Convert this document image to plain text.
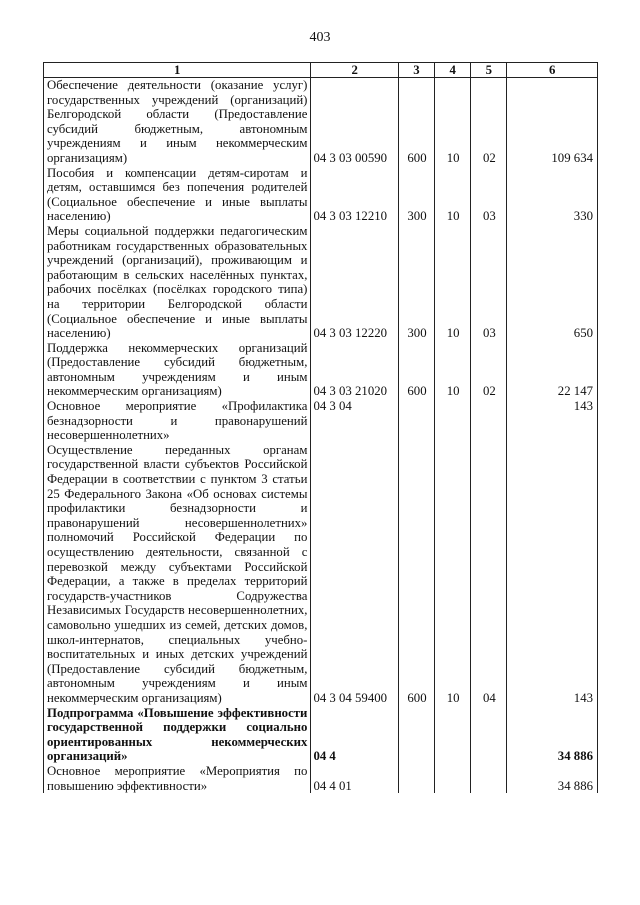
403
1	2	3	4	5	6
Обеспечение деятельности (оказание услуг) государственных учреждений (организаций) Белгородской области (Предоставление субсидий бюджетным, автономным учреждениям и иным некоммерческим организациям)	04 3 03 00590	600	10	02	109 634
Пособия и компенсации детям-сиротам и детям, оставшимся без попечения родителей (Социальное обеспечение и иные выплаты населению)	04 3 03 12210	300	10	03	330
Меры социальной поддержки педагогическим работникам государственных образовательных учреждений (организаций), проживающим и работающим в сельских населённых пунктах, рабочих посёлках (посёлках городского типа) на территории Белгородской области (Социальное обеспечение и иные выплаты населению)	04 3 03 12220	300	10	03	650
Поддержка некоммерческих организаций (Предоставление субсидий бюджетным, автономным учреждениям и иным некоммерческим организациям)	04 3 03 21020	600	10	02	22 147
Основное мероприятие «Профилактика безнадзорности и правонарушений несовершеннолетних»	04 3 04				143
Осуществление переданных органам государственной власти субъектов Российской Федерации в соответствии с пунктом 3 статьи 25 Федерального Закона «Об основах системы профилактики безнадзорности и правонарушений несовершеннолетних» полномочий Российской Федерации по осуществлению деятельности, связанной с перевозкой между субъектами Российской Федерации, а также в пределах территорий государств-участников Содружества Независимых Государств несовершеннолетних, самовольно ушедших из семей, детских домов, школ-интернатов, специальных учебно-воспитательных и иных детских учреждений (Предоставление субсидий бюджетным, автономным учреждениям и иным некоммерческим организациям)	04 3 04 59400	600	10	04	143
Подпрограмма «Повышение эффективности государственной поддержки социально ориентированных некоммерческих организаций»	04 4				34 886
Основное мероприятие «Мероприятия по повышению эффективности»	04 4 01				34 886
